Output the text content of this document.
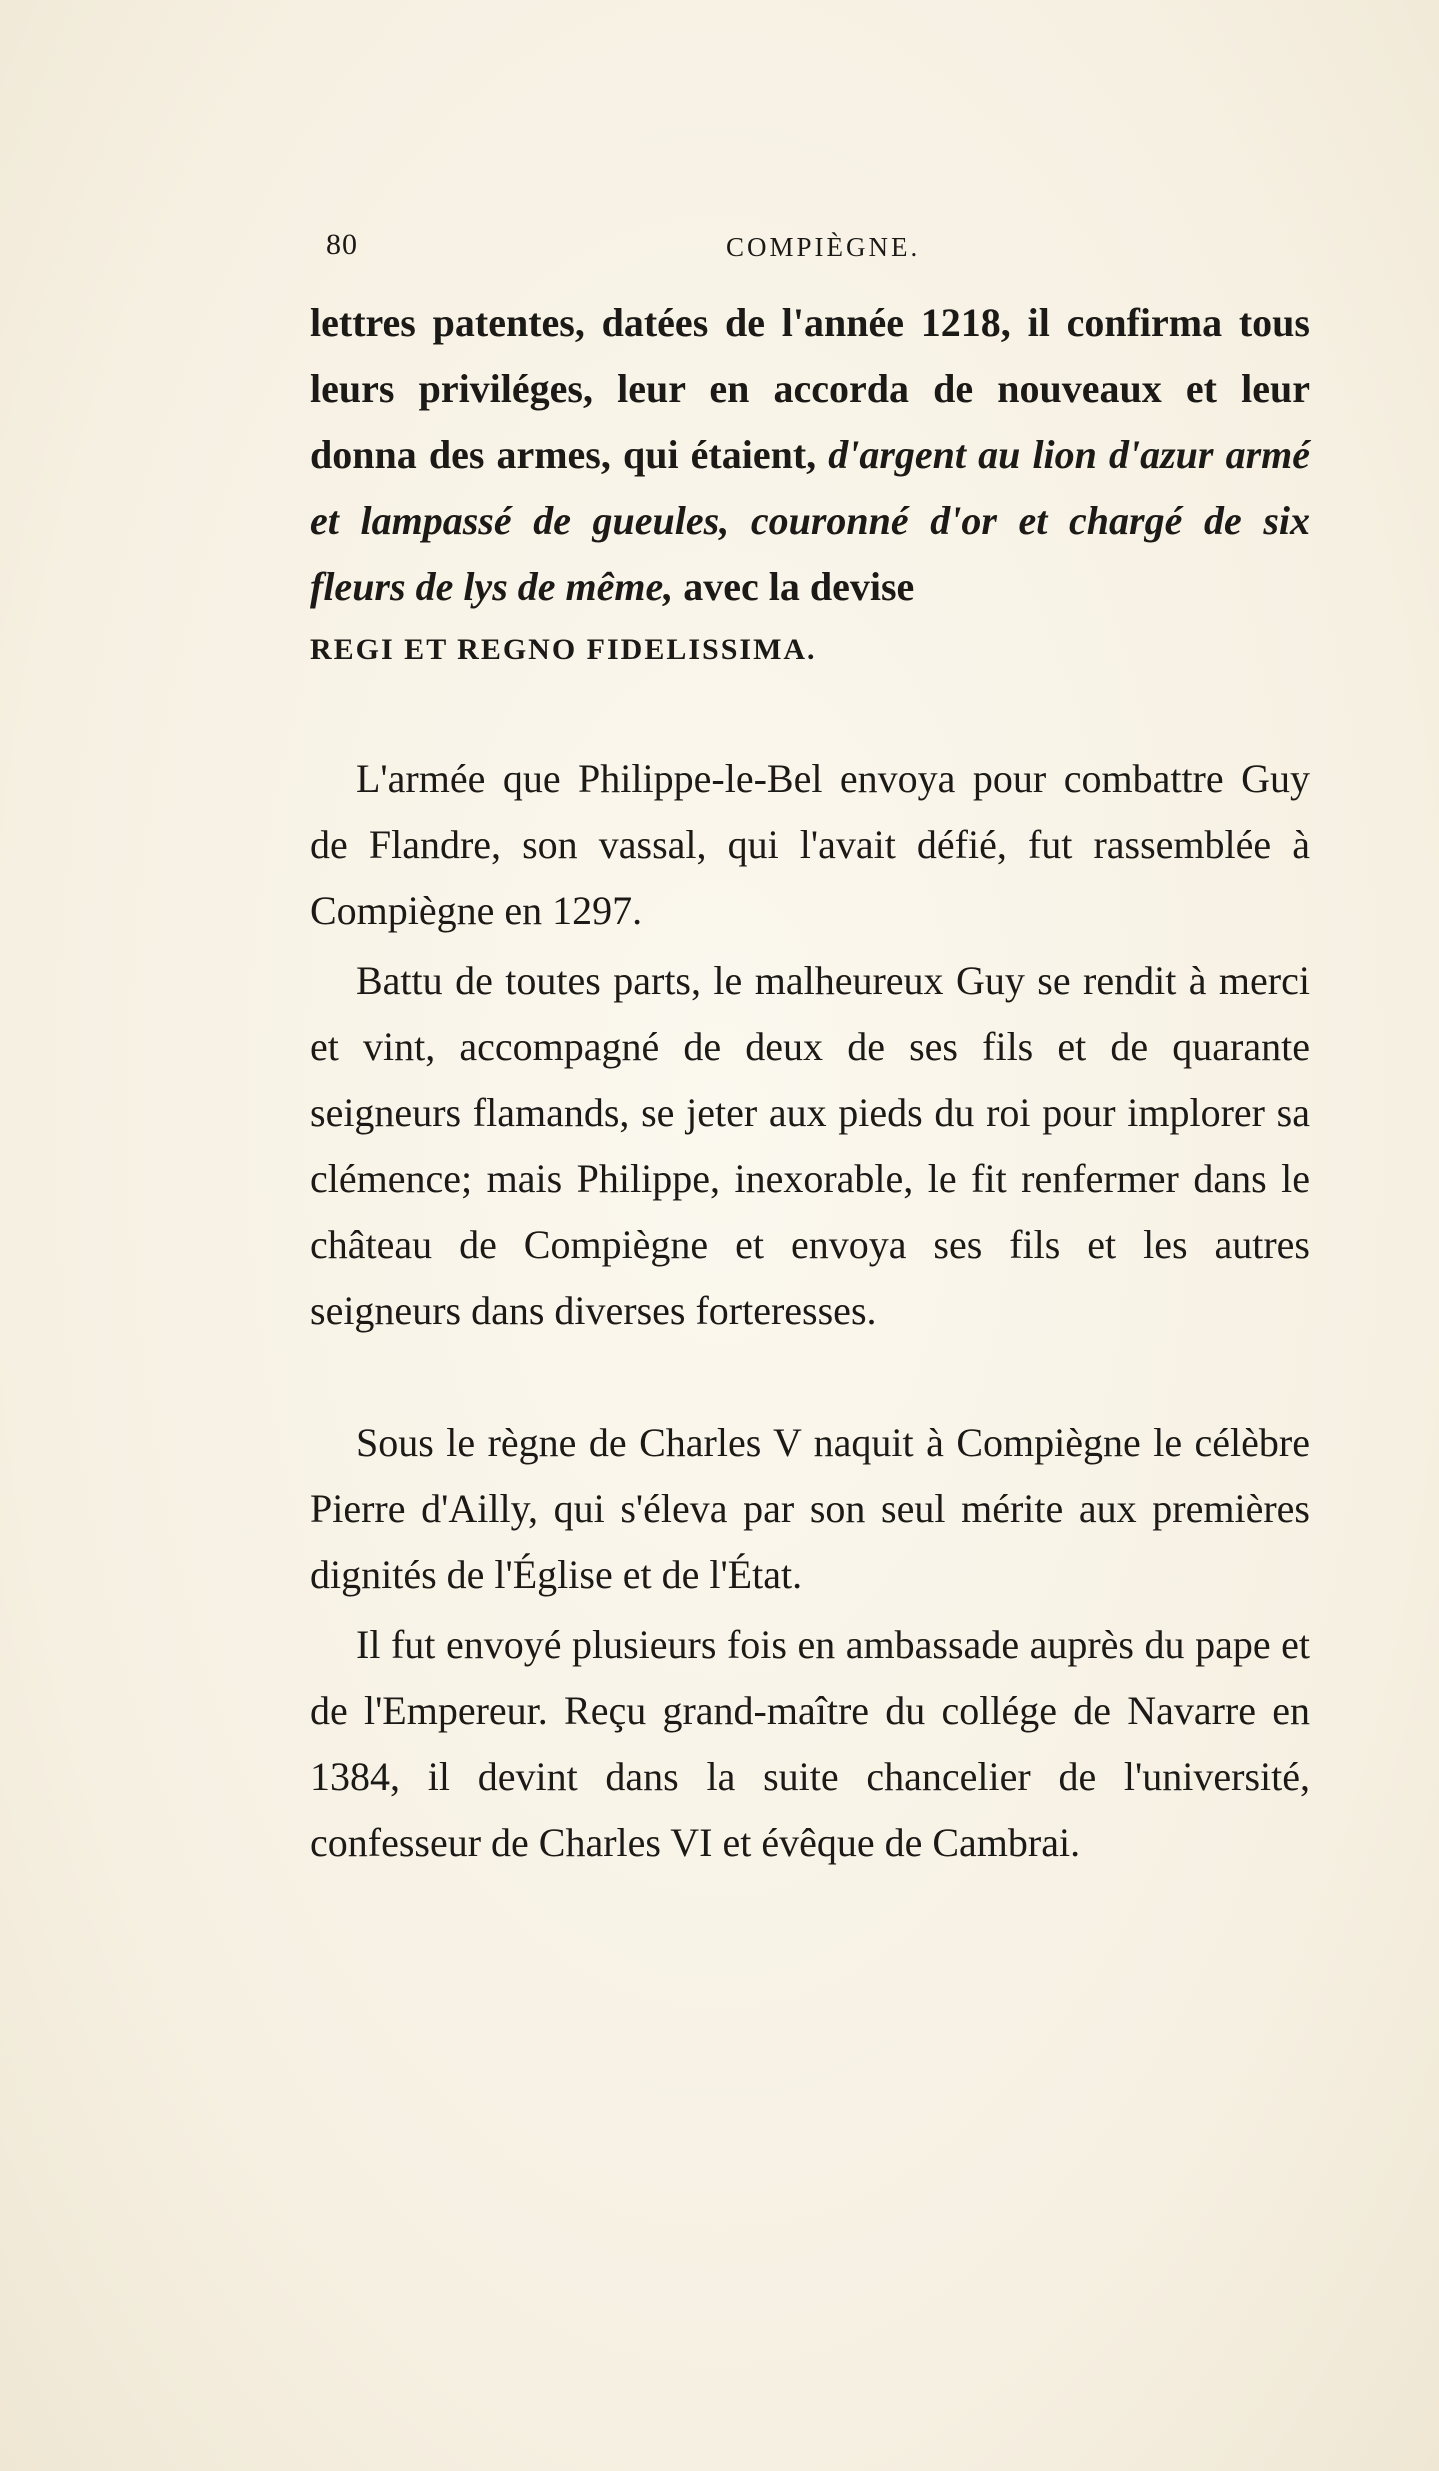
80	COMPIÈGNE.

lettres patentes, datées de l'année 1218, il confirma tous leurs priviléges, leur en accorda de nouveaux et leur donna des armes, qui étaient, d'argent au lion d'azur armé et lampassé de gueules, couronné d'or et chargé de six fleurs de lys de même, avec la devise

REGI ET REGNO FIDELISSIMA.

L'armée que Philippe-le-Bel envoya pour combattre Guy de Flandre, son vassal, qui l'avait défié, fut rassemblée à Compiègne en 1297.

Battu de toutes parts, le malheureux Guy se rendit à merci et vint, accompagné de deux de ses fils et de quarante seigneurs flamands, se jeter aux pieds du roi pour implorer sa clémence; mais Philippe, inexorable, le fit renfermer dans le château de Compiègne et envoya ses fils et les autres seigneurs dans diverses forteresses.

Sous le règne de Charles V naquit à Compiègne le célèbre Pierre d'Ailly, qui s'éleva par son seul mérite aux premières dignités de l'Église et de l'État.

Il fut envoyé plusieurs fois en ambassade auprès du pape et de l'Empereur. Reçu grand-maître du collége de Navarre en 1384, il devint dans la suite chancelier de l'université, confesseur de Charles VI et évêque de Cambrai.
